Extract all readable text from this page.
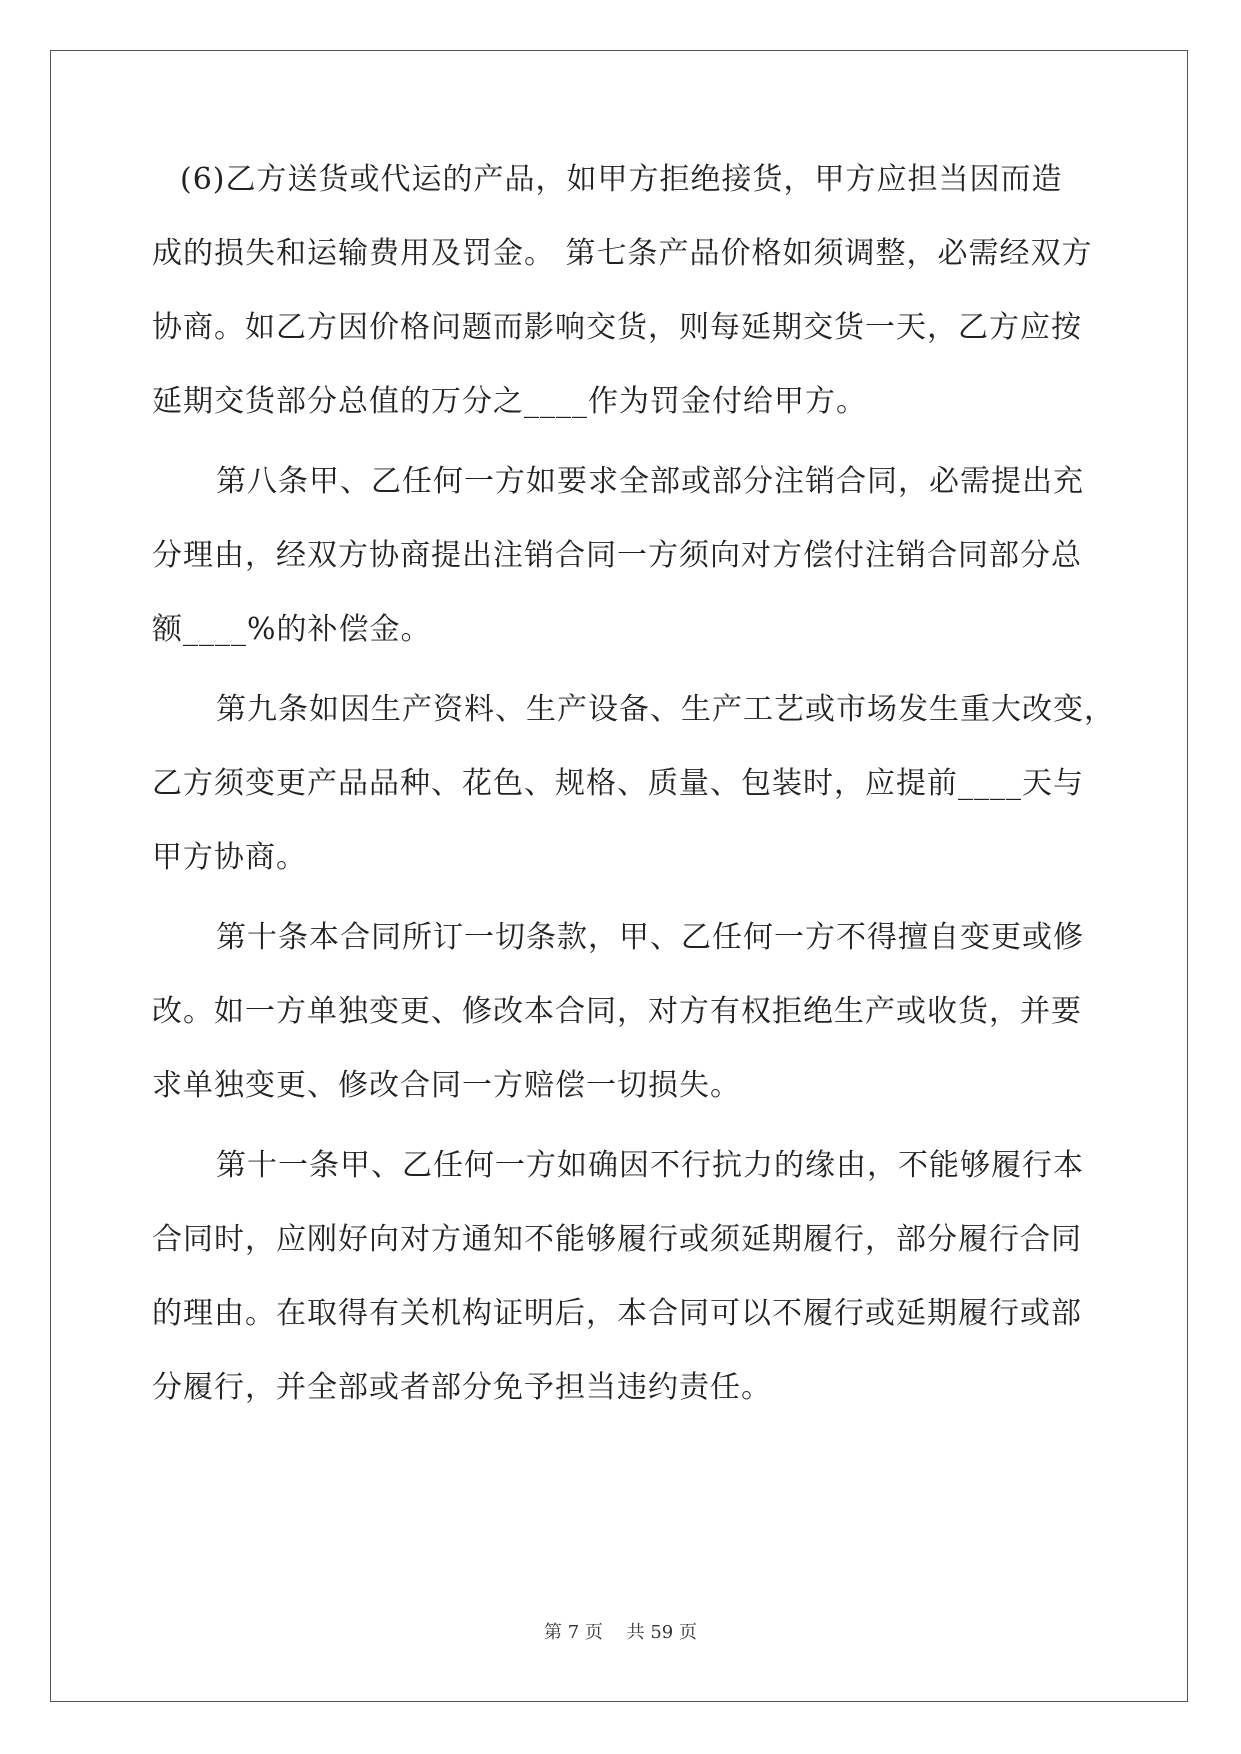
(6)乙方送货或代运的产品，如甲方拒绝接货，甲方应担当因而造
成的损失和运输费用及罚金。 第七条产品价格如须调整，必需经双方
协商。如乙方因价格问题而影响交货，则每延期交货一天，乙方应按
延期交货部分总值的万分之____作为罚金付给甲方。
第八条甲、乙任何一方如要求全部或部分注销合同，必需提出充
分理由，经双方协商提出注销合同一方须向对方偿付注销合同部分总
额____%的补偿金。
第九条如因生产资料、生产设备、生产工艺或市场发生重大改变，
乙方须变更产品品种、花色、规格、质量、包装时，应提前____天与
甲方协商。
第十条本合同所订一切条款，甲、乙任何一方不得擅自变更或修
改。如一方单独变更、修改本合同，对方有权拒绝生产或收货，并要
求单独变更、修改合同一方赔偿一切损失。
第十一条甲、乙任何一方如确因不行抗力的缘由，不能够履行本
合同时，应刚好向对方通知不能够履行或须延期履行，部分履行合同
的理由。在取得有关机构证明后，本合同可以不履行或延期履行或部
分履行，并全部或者部分免予担当违约责任。
第 7 页　 共 59 页
